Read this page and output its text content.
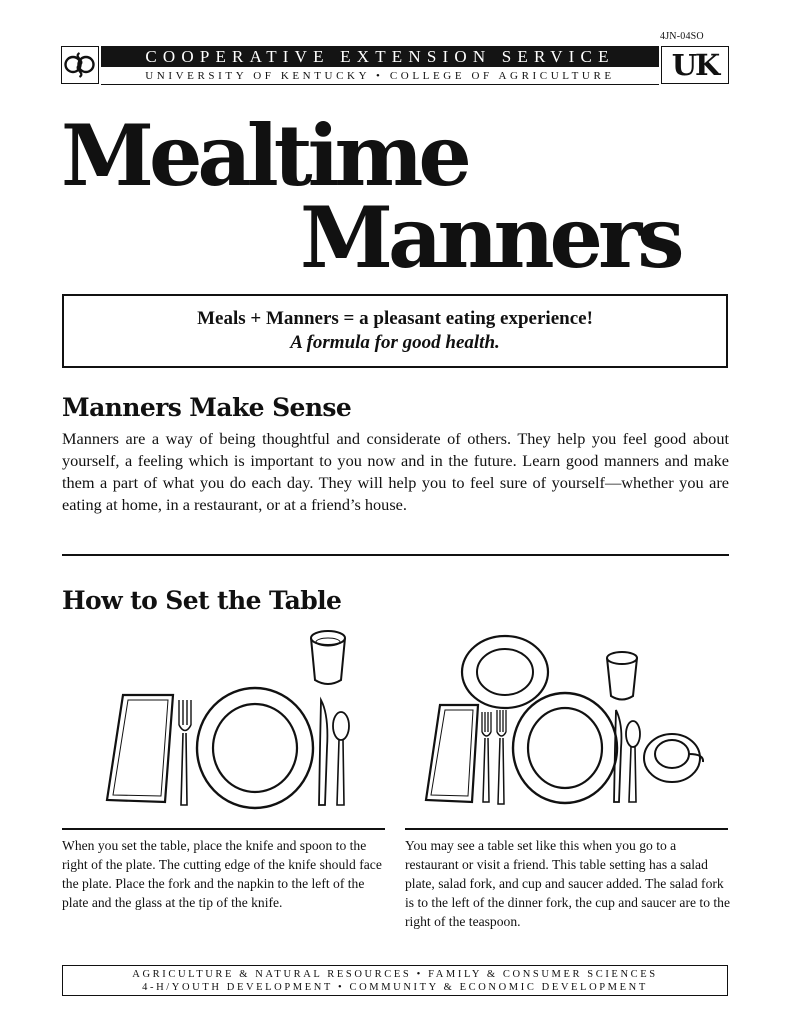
4JN-04SO
COOPERATIVE EXTENSION SERVICE
UNIVERSITY OF KENTUCKY • COLLEGE OF AGRICULTURE	UK
Mealtime
Manners
Meals + Manners = a pleasant eating experience!
A formula for good health.
Manners Make Sense
Manners are a way of being thoughtful and considerate of others. They help you feel good about yourself, a feeling which is important to you now and in the future. Learn good manners and make them a part of what you do each day. They will help you to feel sure of yourself—whether you are eating at home, in a restaurant, or at a friend’s house.
How to Set the Table
When you set the table, place the knife and spoon to the right of the plate. The cutting edge of the knife should face the plate. Place the fork and the napkin to the left of the plate and the glass at the tip of the knife.
You may see a table set like this when you go to a restaurant or visit a friend. This table setting has a salad plate, salad fork, and cup and saucer added. The salad fork is to the left of the dinner fork, the cup and saucer are to the right of the teaspoon.
AGRICULTURE & NATURAL RESOURCES • FAMILY & CONSUMER SCIENCES
4-H/YOUTH DEVELOPMENT • COMMUNITY & ECONOMIC DEVELOPMENT
